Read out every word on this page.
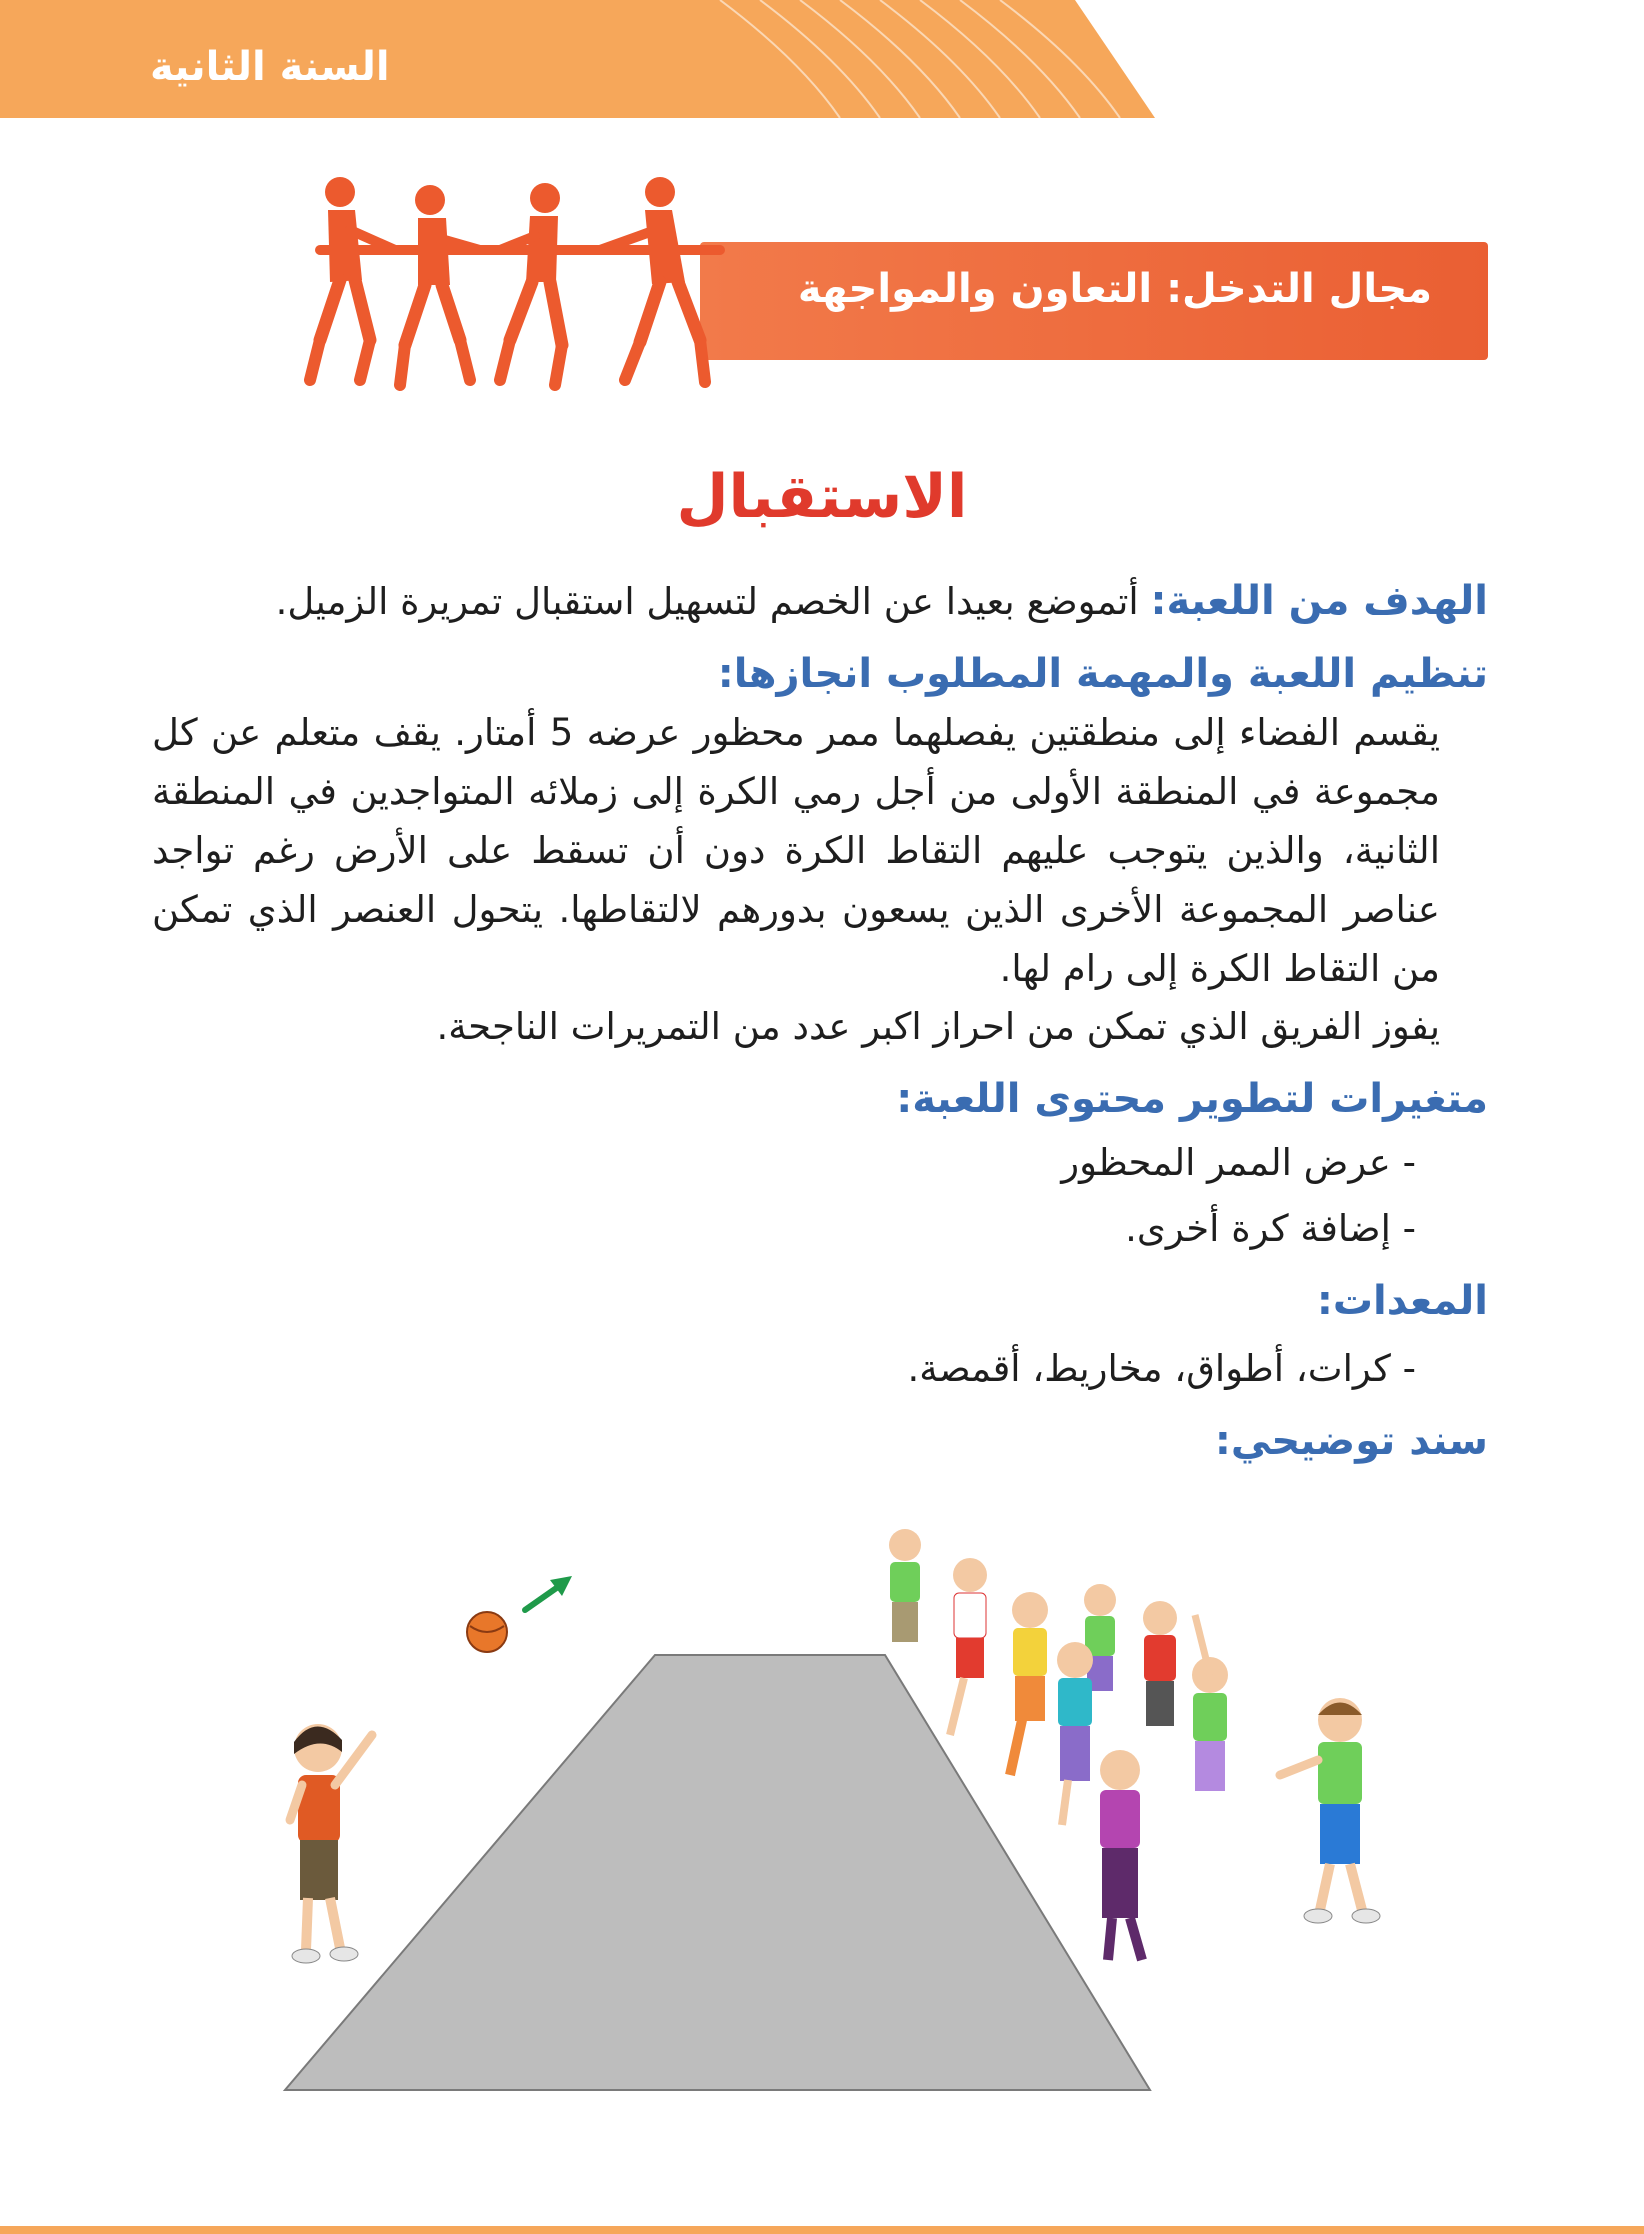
السنة الثانية
مجال التدخل: التعاون والمواجهة
الاستقبال
الهدف من اللعبة: أتموضع بعيدا عن الخصم لتسهيل استقبال تمريرة الزميل.
تنظيم اللعبة والمهمة المطلوب انجازها:
يقسم الفضاء إلى منطقتين يفصلهما ممر محظور عرضه 5 أمتار. يقف متعلم عن كل مجموعة في المنطقة الأولى من أجل رمي الكرة إلى زملائه المتواجدين في المنطقة الثانية، والذين يتوجب عليهم التقاط الكرة دون أن تسقط على الأرض رغم تواجد عناصر المجموعة الأخرى الذين يسعون بدورهم لالتقاطها. يتحول العنصر الذي تمكن من التقاط الكرة إلى رام لها.
يفوز الفريق الذي تمكن من احراز اكبر عدد من التمريرات الناجحة.
متغيرات لتطوير محتوى اللعبة:
- عرض الممر المحظور
- إضافة كرة أخرى.
المعدات:
- كرات، أطواق، مخاريط، أقمصة.
سند توضيحي:
